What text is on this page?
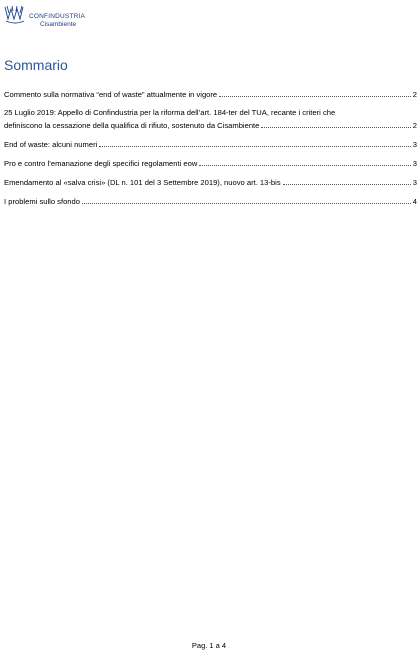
CONFINDUSTRIA
Cisambiente
Sommario
Commento sulla normativa “end of waste” attualmente in vigore	2
25 Luglio 2019: Appello di Confindustria per la riforma dell’art. 184-ter del TUA, recante i criteri che
definiscono la cessazione della qualifica di rifiuto, sostenuto da Cisambiente	2
End of waste: alcuni numeri	3
Pro e contro l’emanazione degli specifici regolamenti eow	3
Emendamento al «salva crisi» (DL n. 101 del 3 Settembre 2019), nuovo art. 13-bis	3
I problemi sullo sfondo	4
Pag. 1 a 4
